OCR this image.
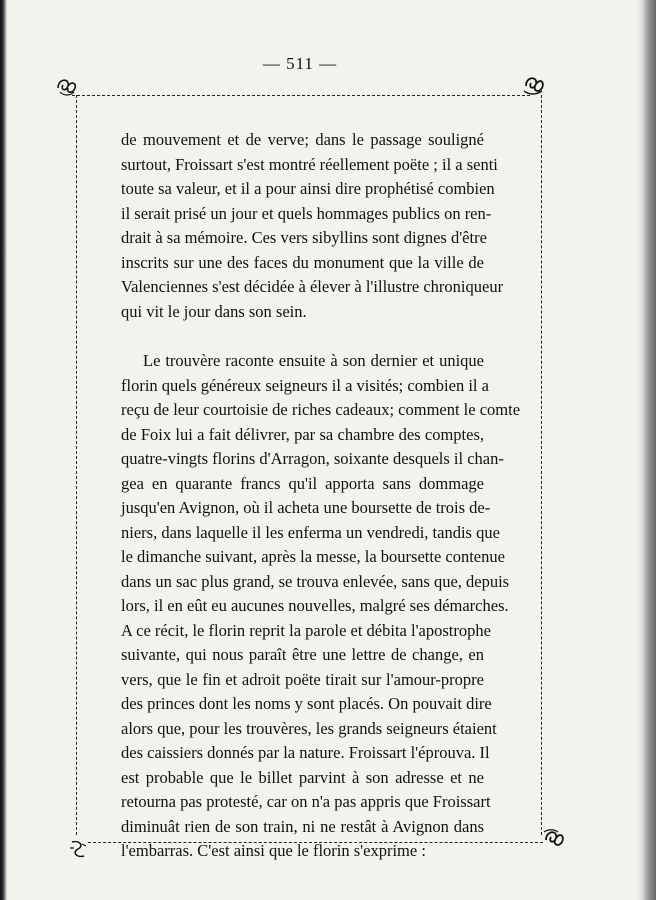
— 511 —

de mouvement et de verve; dans le passage souligné
surtout, Froissart s'est montré réellement poëte ; il a senti
toute sa valeur, et il a pour ainsi dire prophétisé combien
il serait prisé un jour et quels hommages publics on ren-
drait à sa mémoire. Ces vers sibyllins sont dignes d'être
inscrits sur une des faces du monument que la ville de
Valenciennes s'est décidée à élever à l'illustre chroniqueur
qui vit le jour dans son sein.

Le trouvère raconte ensuite à son dernier et unique
florin quels généreux seigneurs il a visités; combien il a
reçu de leur courtoisie de riches cadeaux; comment le comte
de Foix lui a fait délivrer, par sa chambre des comptes,
quatre-vingts florins d'Arragon, soixante desquels il chan-
gea en quarante francs qu'il apporta sans dommage
jusqu'en Avignon, où il acheta une boursette de trois de-
niers, dans laquelle il les enferma un vendredi, tandis que
le dimanche suivant, après la messe, la boursette contenue
dans un sac plus grand, se trouva enlevée, sans que, depuis
lors, il en eût eu aucunes nouvelles, malgré ses démarches.
A ce récit, le florin reprit la parole et débita l'apostrophe
suivante, qui nous paraît être une lettre de change, en
vers, que le fin et adroit poëte tirait sur l'amour-propre
des princes dont les noms y sont placés. On pouvait dire
alors que, pour les trouvères, les grands seigneurs étaient
des caissiers donnés par la nature. Froissart l'éprouva. Il
est probable que le billet parvint à son adresse et ne
retourna pas protesté, car on n'a pas appris que Froissart
diminuât rien de son train, ni ne restât à Avignon dans
l'embarras. C'est ainsi que le florin s'exprime :
